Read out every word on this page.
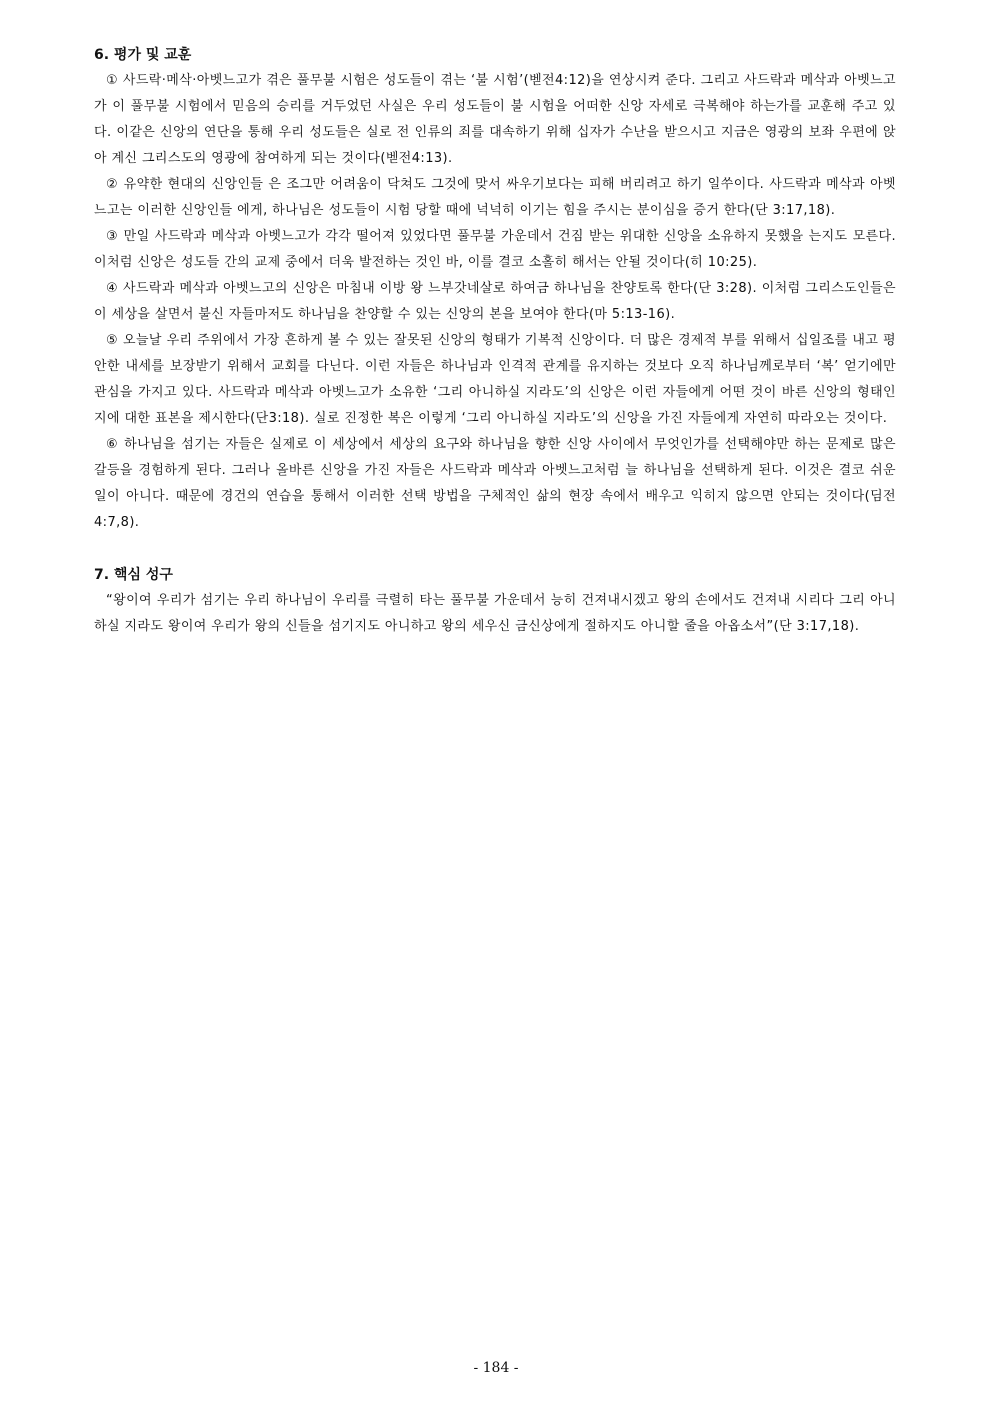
6. 평가 및 교훈

① 사드락·메삭·아벳느고가 겪은 풀무불 시험은 성도들이 겪는 ‘불 시험’(벧전4:12)을 연상시켜 준다. 그리고 사드락과 메삭과 아벳느고가 이 풀무불 시험에서 믿음의 승리를 거두었던 사실은 우리 성도들이 불 시험을 어떠한 신앙 자세로 극복해야 하는가를 교훈해 주고 있다. 이같은 신앙의 연단을 통해 우리 성도들은 실로 전 인류의 죄를 대속하기 위해 십자가 수난을 받으시고 지금은 영광의 보좌 우편에 앉아 계신 그리스도의 영광에 참여하게 되는 것이다(벧전4:13).

② 유약한 현대의 신앙인들 은 조그만 어려움이 닥쳐도 그것에 맞서 싸우기보다는 피해 버리려고 하기 일쑤이다. 사드락과 메삭과 아벳느고는 이러한 신앙인들 에게, 하나님은 성도들이 시험 당할 때에 넉넉히 이기는 힘을 주시는 분이심을 증거 한다(단 3:17,18).

③ 만일 사드락과 메삭과 아벳느고가 각각 떨어져 있었다면 풀무불 가운데서 건짐 받는 위대한 신앙을 소유하지 못했을 는지도 모른다. 이처럼 신앙은 성도들 간의 교제 중에서 더욱 발전하는 것인 바, 이를 결코 소홀히 해서는 안될 것이다(히 10:25).

④ 사드락과 메삭과 아벳느고의 신앙은 마침내 이방 왕 느부갓네살로 하여금 하나님을 찬양토록 한다(단 3:28). 이처럼 그리스도인들은 이 세상을 살면서 불신 자들마저도 하나님을 찬양할 수 있는 신앙의 본을 보여야 한다(마 5:13-16).

⑤ 오늘날 우리 주위에서 가장 흔하게 볼 수 있는 잘못된 신앙의 형태가 기복적 신앙이다. 더 많은 경제적 부를 위해서 십일조를 내고 평안한 내세를 보장받기 위해서 교회를 다닌다. 이런 자들은 하나님과 인격적 관계를 유지하는 것보다 오직 하나님께로부터 ‘복’ 얻기에만 관심을 가지고 있다. 사드락과 메삭과 아벳느고가 소유한 ‘그리 아니하실 지라도’의 신앙은 이런 자들에게 어떤 것이 바른 신앙의 형태인지에 대한 표본을 제시한다(단3:18). 실로 진정한 복은 이렇게 ‘그리 아니하실 지라도’의 신앙을 가진 자들에게 자연히 따라오는 것이다.

⑥ 하나님을 섬기는 자들은 실제로 이 세상에서 세상의 요구와 하나님을 향한 신앙 사이에서 무엇인가를 선택해야만 하는 문제로 많은 갈등을 경험하게 된다. 그러나 올바른 신앙을 가진 자들은 사드락과 메삭과 아벳느고처럼 늘 하나님을 선택하게 된다. 이것은 결코 쉬운 일이 아니다. 때문에 경건의 연습을 통해서 이러한 선택 방법을 구체적인 삶의 현장 속에서 배우고 익히지 않으면 안되는 것이다(딤전 4:7,8).

7. 핵심 성구

“왕이여 우리가 섬기는 우리 하나님이 우리를 극렬히 타는 풀무불 가운데서 능히 건져내시겠고 왕의 손에서도 건져내 시리다 그리 아니하실 지라도 왕이여 우리가 왕의 신들을 섬기지도 아니하고 왕의 세우신 금신상에게 절하지도 아니할 줄을 아옵소서”(단 3:17,18).

- 184 -
